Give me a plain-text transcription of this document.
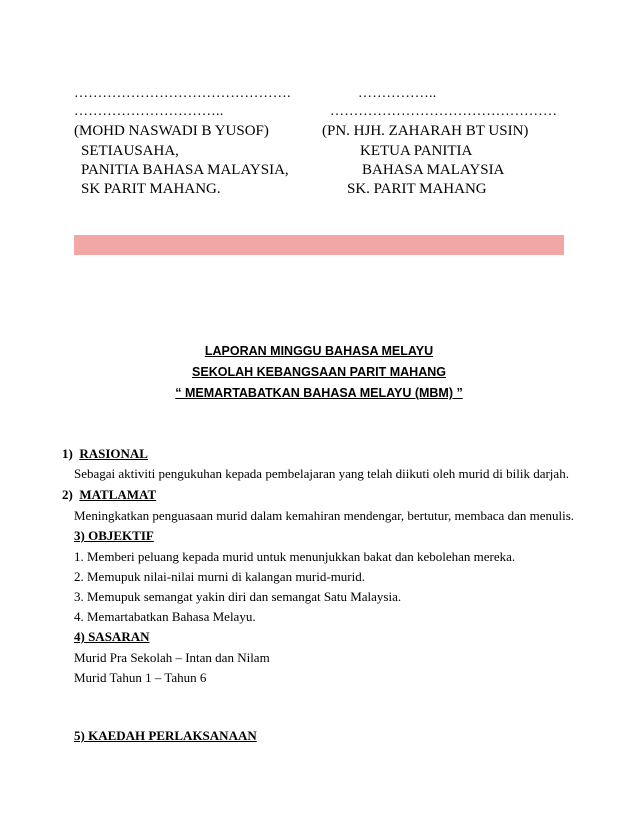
……………………………………….	……………..
…………………………..	…………………………………………
(MOHD NASWADI B YUSOF)	(PN. HJH. ZAHARAH BT USIN)
SETIAUSAHA,	KETUA PANITIA
PANITIA BAHASA MALAYSIA,	BAHASA MALAYSIA
SK PARIT MAHANG.	SK. PARIT MAHANG
LAPORAN MINGGU BAHASA MELAYU
SEKOLAH KEBANGSAAN PARIT MAHANG
“ MEMARTABATKAN BAHASA MELAYU (MBM) ”
1) RASIONAL
Sebagai aktiviti pengukuhan kepada pembelajaran yang telah diikuti oleh murid di bilik darjah.
2) MATLAMAT
Meningkatkan penguasaan murid dalam kemahiran mendengar, bertutur, membaca dan menulis.
3) OBJEKTIF
1. Memberi peluang kepada murid untuk menunjukkan bakat dan kebolehan mereka.
2. Memupuk nilai-nilai murni di kalangan murid-murid.
3. Memupuk semangat yakin diri dan semangat Satu Malaysia.
4. Memartabatkan Bahasa Melayu.
4) SASARAN
Murid Pra Sekolah – Intan dan Nilam
Murid Tahun 1 – Tahun 6
5) KAEDAH PERLAKSANAAN
